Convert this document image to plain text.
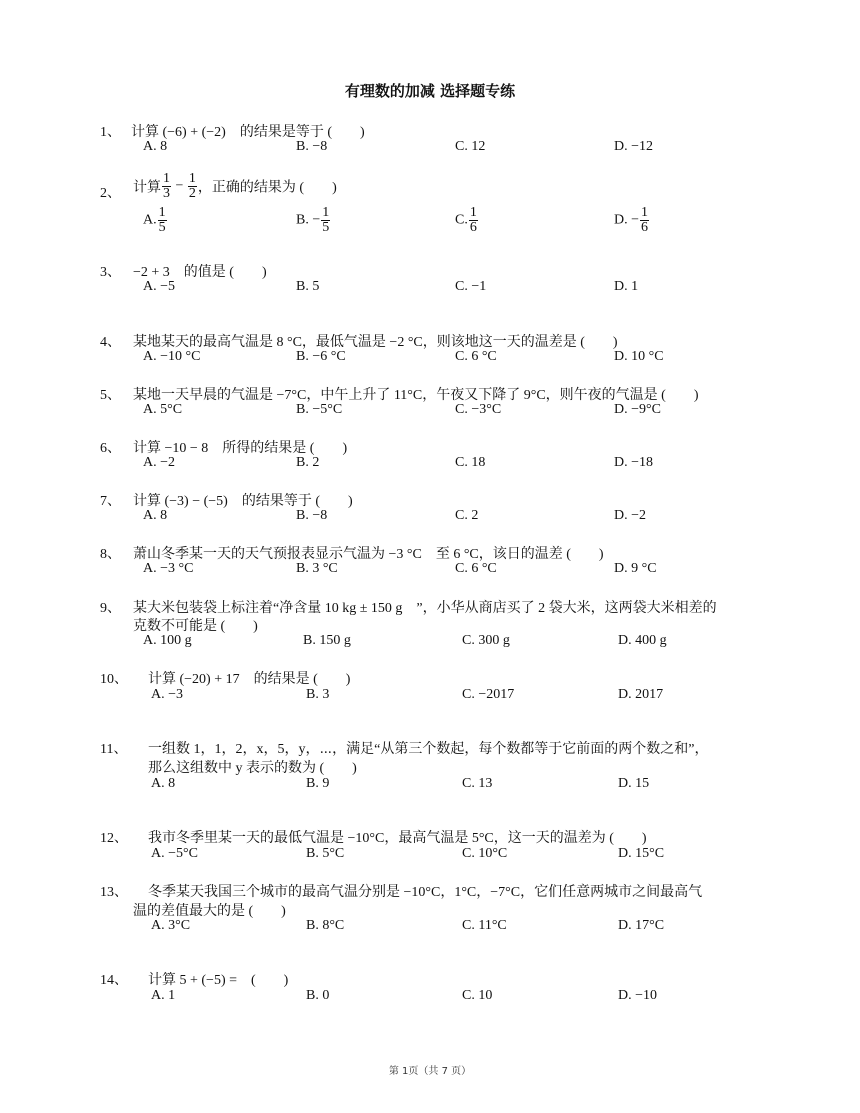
有理数的加减 选择题专练
1、 计算 (−6) + (−2)　的结果是等于 (　　)
A. 8	B. −8	C. 12	D. −12
2、 计算 $\frac{1}{3} - \frac{1}{2}$ ，正确的结果为 (　　)
A. $\frac{1}{5}$	B. − $\frac{1}{5}$	C. $\frac{1}{6}$	D. − $\frac{1}{6}$
3、 −2 + 3　的值是 (　　)
A. −5	B. 5	C. −1	D. 1
4、 某地某天的最高气温是 8 °C，最低气温是 −2 °C，则该地这一天的温差是 (　　)
A. −10 °C	B. −6 °C	C. 6 °C	D. 10 °C
5、 某地一天早晨的气温是 −7°C，中午上升了 11°C，午夜又下降了 9°C，则午夜的气温是 (　　)
A. 5°C	B. −5°C	C. −3°C	D. −9°C
6、 计算 −10 − 8　所得的结果是 (　　)
A. −2	B. 2	C. 18	D. −18
7、 计算 (−3) − (−5)　的结果等于 (　　)
A. 8	B. −8	C. 2	D. −2
8、 萧山冬季某一天的天气预报表显示气温为 −3 °C　至 6 °C，该日的温差 (　　)
A. −3 °C	B. 3 °C	C. 6 °C	D. 9 °C
9、 某大米包装袋上标注着“净含量 10 kg ± 150 g　”，小华从商店买了 2 袋大米，这两袋大米相差的
克数不可能是 (　　)
A. 100 g	B. 150 g	C. 300 g	D. 400 g
10、 计算 (−20) + 17　的结果是 (　　)
A. −3	B. 3	C. −2017	D. 2017
11、 一组数 1，1，2，x，5，y，⋯，满足“从第三个数起，每个数都等于它前面的两个数之和”，
那么这组数中 y 表示的数为 (　　)
A. 8	B. 9	C. 13	D. 15
12、 我市冬季里某一天的最低气温是 −10°C，最高气温是 5°C，这一天的温差为 (　　)
A. −5°C	B. 5°C	C. 10°C	D. 15°C
13、 冬季某天我国三个城市的最高气温分别是 −10°C，1°C，−7°C，它们任意两城市之间最高气
温的差值最大的是 (　　)
A. 3°C	B. 8°C	C. 11°C	D. 17°C
14、 计算 5 + (−5) =　(　　)
A. 1	B. 0	C. 10	D. −10
第 1页（共 7 页）
